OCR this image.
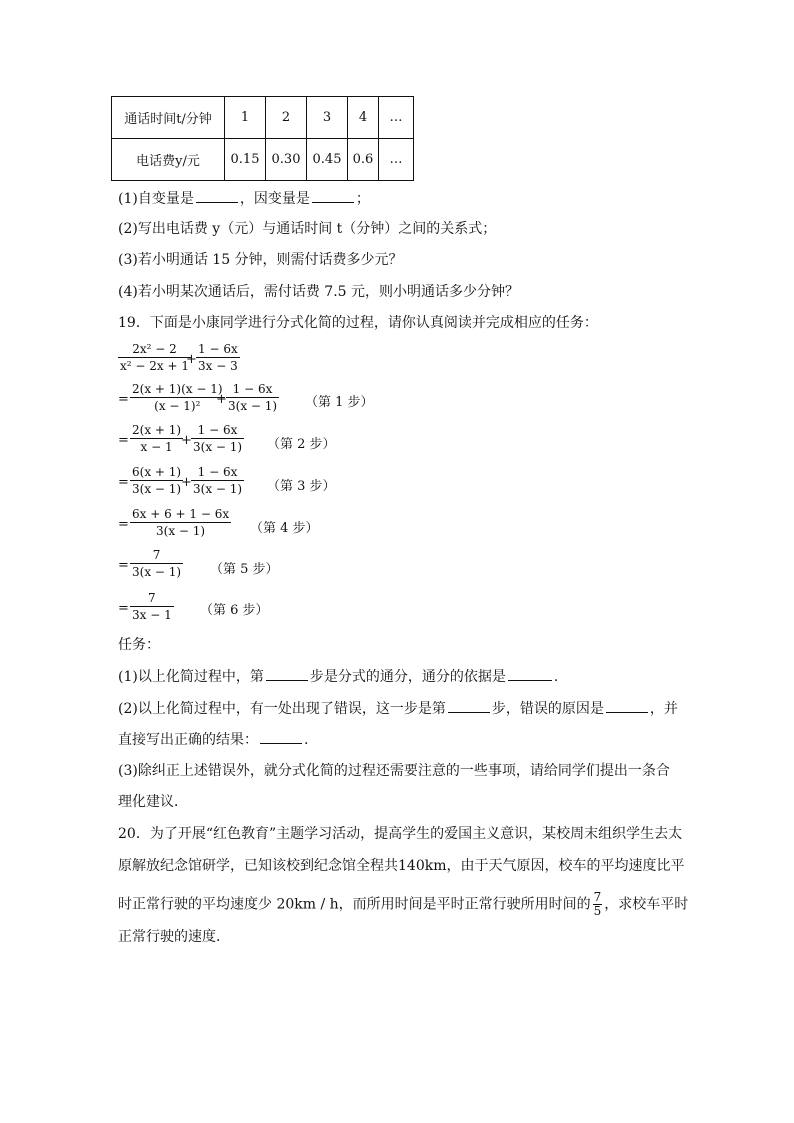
通话时间t/分钟	1	2	3	4	…
电话费y/元	0.15	0.30	0.45	0.6	…
(1)自变量是	，因变量是	；
(2)写出电话费 y（元）与通话时间 t（分钟）之间的关系式；
(3)若小明通话 15 分钟，则需付话费多少元？
(4)若小明某次通话后，需付话费 7.5 元，则小明通话多少分钟？
19．下面是小康同学进行分式化简的过程，请你认真阅读并完成相应的任务：
$\frac{\text{2x² − 2}}{\text{x² − 2x + 1}}$
+ $\frac{1 - 6x}{3x - 3}$
= $\frac{2(x + 1)(x - 1)}{\text{(x − 1)²}}$
+ $\frac{1 - 6x}{3(x - 1)}$ （第 1 步）
= $\frac{2(x + 1)}{x - 1}$
+ $\frac{1 - 6x}{3(x - 1)}$ （第 2 步）
= $\frac{6(x + 1)}{3(x - 1)}$
+ $\frac{1 - 6x}{3(x - 1)}$ （第 3 步）
= $\frac{6x + 6 + 1 - 6x}{3(x - 1)}$ （第 4 步）
= $\frac{7}{3(x - 1)}$ （第 5 步）
= $\frac{7}{3x - 1}$ （第 6 步）
任务：
(1)以上化简过程中，第	步是分式的通分，通分的依据是	.
(2)以上化简过程中，有一处出现了错误，这一步是第	步，错误的原因是	，并
直接写出正确的结果：	.
(3)除纠正上述错误外，就分式化简的过程还需要注意的一些事项，请给同学们提出一条合
理化建议．
20．为了开展“红色教育”主题学习活动，提高学生的爱国主义意识，某校周末组织学生去太
原解放纪念馆研学，已知该校到纪念馆全程共140km，由于天气原因，校车的平均速度比平
时正常行驶的平均速度少 20km / h，而所用时间是平时正常行驶所用时间的 $\frac{7}{5}$ ，求校车平时
正常行驶的速度．
